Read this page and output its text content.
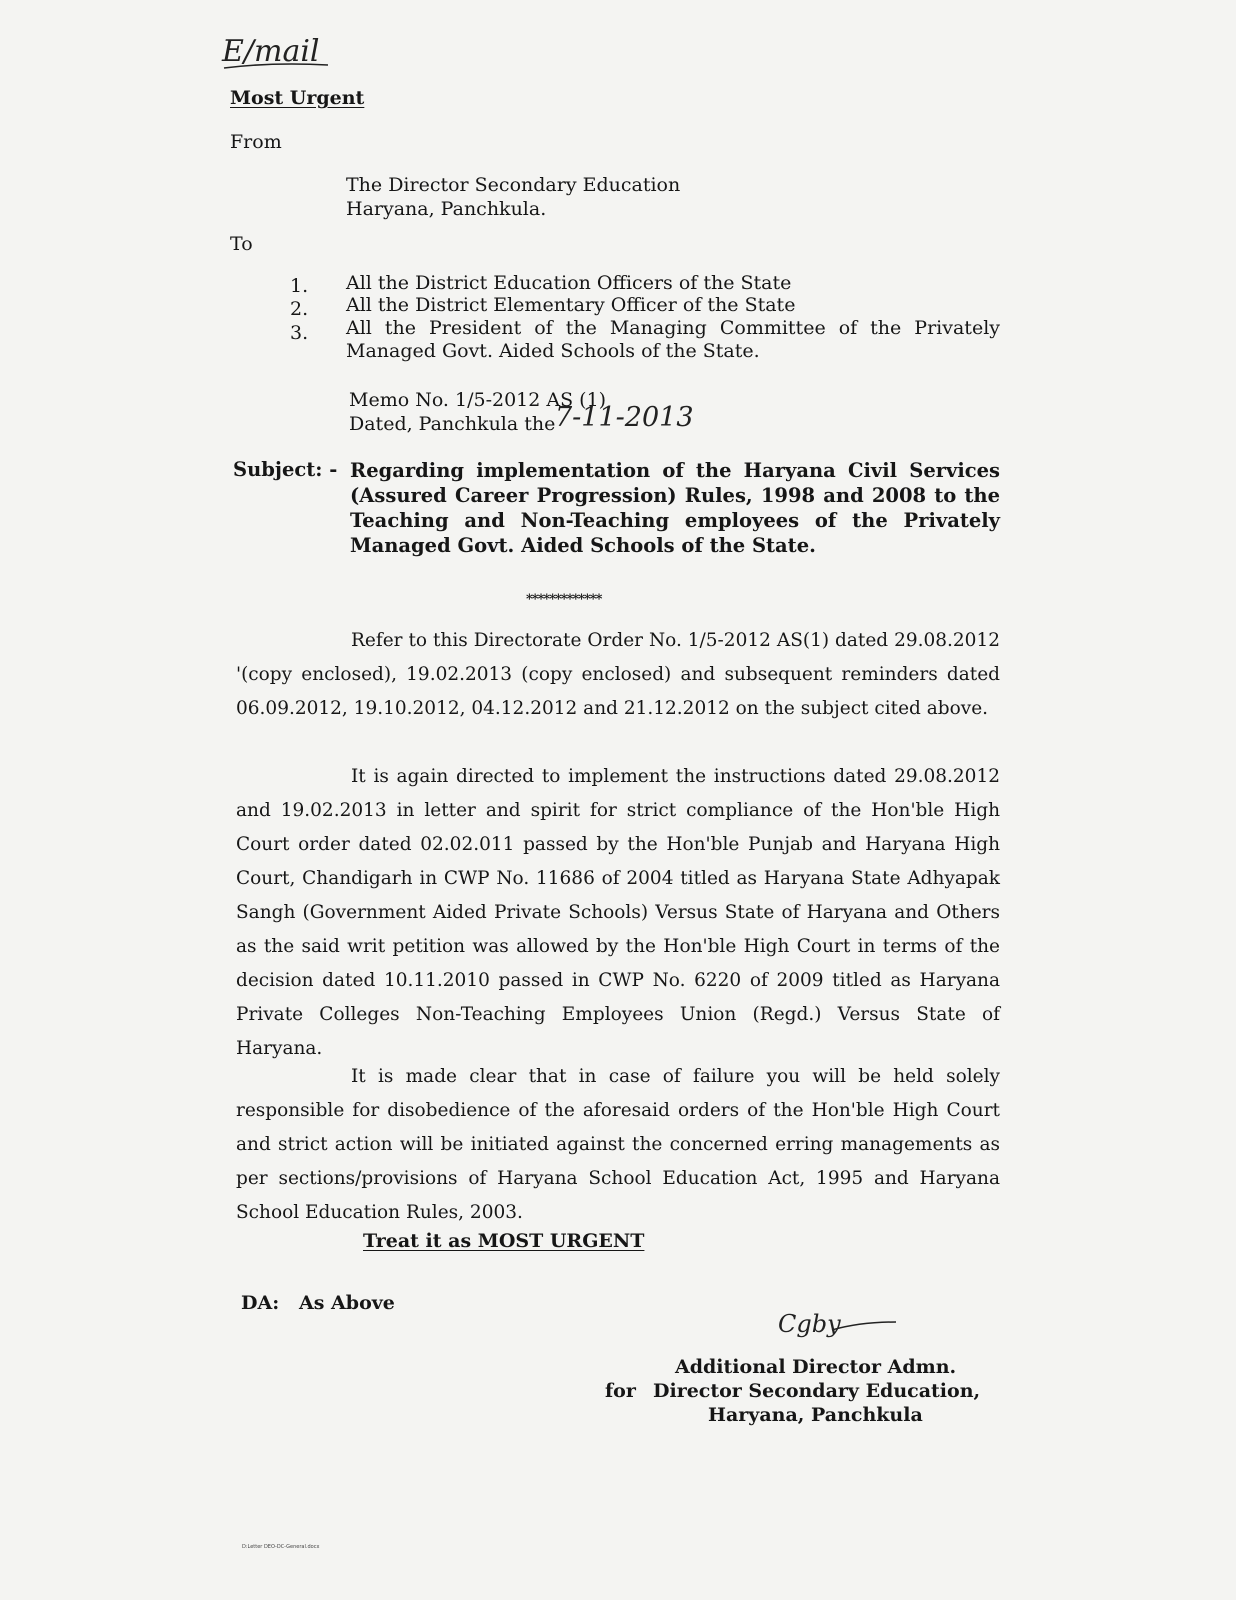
E/mail
Most Urgent
From
The Director Secondary Education
Haryana, Panchkula.
To
1. All the District Education Officers of the State
2. All the District Elementary Officer of the State
3. All the President of the Managing Committee of the Privately Managed Govt. Aided Schools of the State.
Memo No. 1/5-2012 AS (1)
Dated, Panchkula the 7-11-2013
Subject: - Regarding implementation of the Haryana Civil Services (Assured Career Progression) Rules, 1998 and 2008 to the Teaching and Non-Teaching employees of the Privately Managed Govt. Aided Schools of the State.
*************
Refer to this Directorate Order No. 1/5-2012 AS(1) dated 29.08.2012 '(copy enclosed), 19.02.2013 (copy enclosed) and subsequent reminders dated 06.09.2012, 19.10.2012, 04.12.2012 and 21.12.2012 on the subject cited above.
It is again directed to implement the instructions dated 29.08.2012 and 19.02.2013 in letter and spirit for strict compliance of the Hon'ble High Court order dated 02.02.011 passed by the Hon'ble Punjab and Haryana High Court, Chandigarh in CWP No. 11686 of 2004 titled as Haryana State Adhyapak Sangh (Government Aided Private Schools) Versus State of Haryana and Others as the said writ petition was allowed by the Hon'ble High Court in terms of the decision dated 10.11.2010 passed in CWP No. 6220 of 2009 titled as Haryana Private Colleges Non-Teaching Employees Union (Regd.) Versus State of Haryana.
It is made clear that in case of failure you will be held solely responsible for disobedience of the aforesaid orders of the Hon'ble High Court and strict action will be initiated against the concerned erring managements as per sections/provisions of Haryana School Education Act, 1995 and Haryana School Education Rules, 2003.
Treat it as MOST URGENT
DA: As Above
Cgby
Additional Director Admn.
for Director Secondary Education,
Haryana, Panchkula
D:Letter DEO-DC-General.docx
